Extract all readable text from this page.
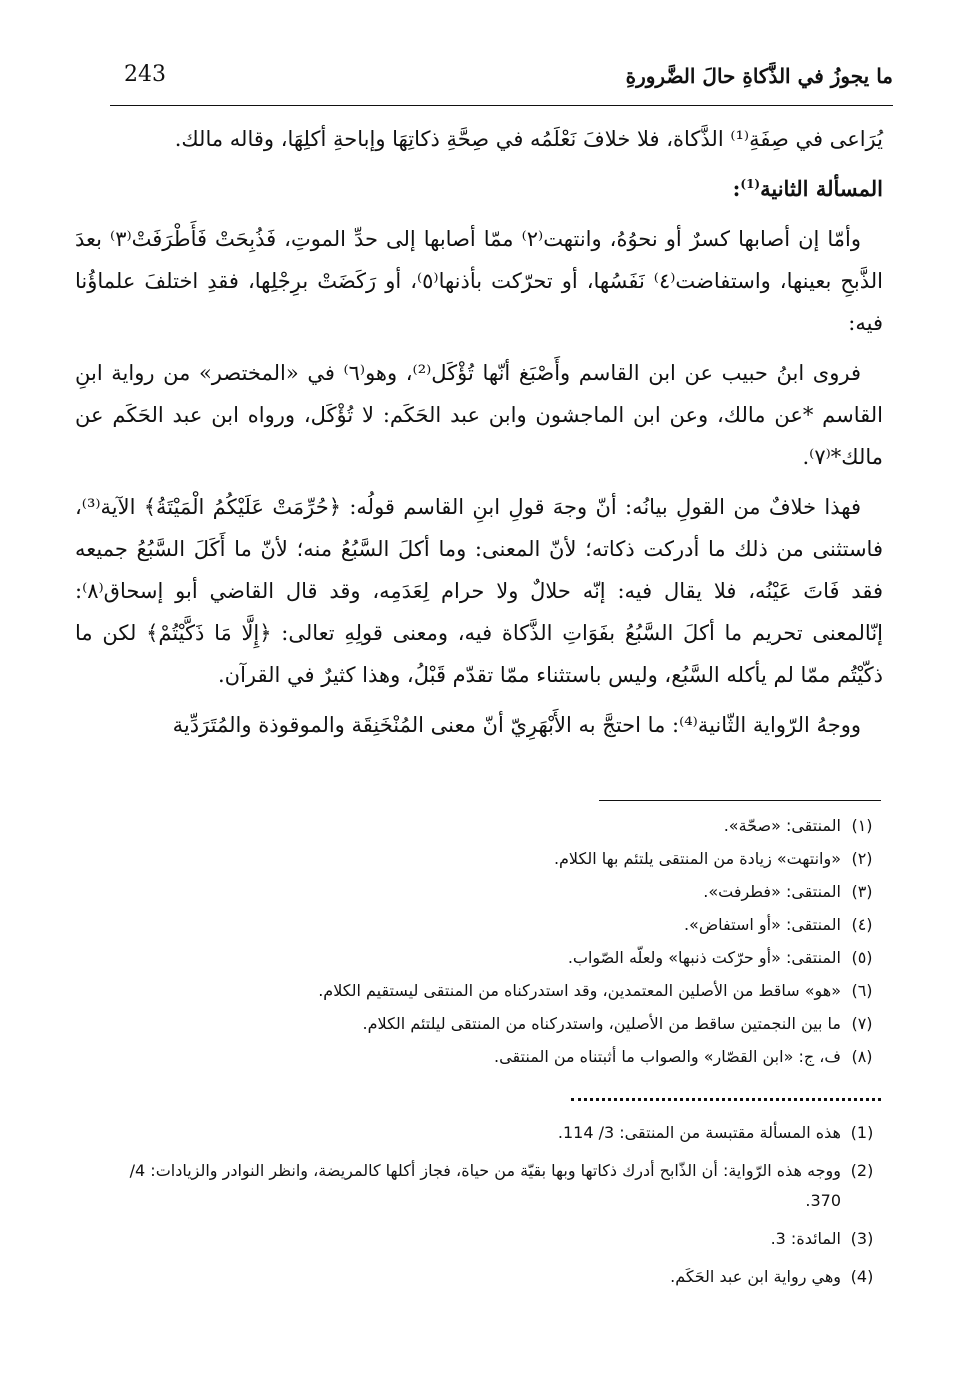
243	ما يجوزُ في الذَّكاةِ حالَ الضَّرورةِ

يُرَاعى في صِفَةِ⁽¹⁾ الذَّكاة، فلا خلافَ نَعْلَمُه في صِحَّةِ ذكاتِهَا وإباحةِ أكلِهَا، وقاله مالك.

المسألة الثانية$^{(1)}$:

وأمّا إن أصابها كسرٌ أو نحوُهُ، وانتهت⁽٢⁾ ممّا أصابها إلى حدِّ الموتِ، فَذُبِحَتْ فَأَطْرَفَتْ⁽٣⁾ بعدَ الذَّبحِ بعينها، واستفاضت⁽٤⁾ نَفَسُها، أو تحرّكت بأذنها⁽٥⁾، أو رَكَضَتْ برِجْلِها، فقدِ اختلفَ علماؤُنا فيه:

فروى ابنُ حبيب عن ابن القاسم وأَصْبَغ أنّها تُؤْكَل⁽²⁾، وهو⁽٦⁾ في «المختصر» من رواية ابنِ القاسم *عن مالك، وعن ابن الماجشون وابن عبد الحَكَم: لا تُؤْكَل، ورواه ابن عبد الحَكَم عن مالك*⁽٧⁾.

فهذا خلافٌ من القولِ بيانُه: أنّ وجهَ قولِ ابنِ القاسم قولُه: ﴿حُرِّمَتْ عَلَيْكُمُ الْمَيْتَةُ﴾ الآية⁽³⁾، فاستثنى من ذلك ما أدركت ذكاته؛ لأنّ المعنى: وما أكلَ السَّبُعُ منه؛ لأنّ ما أَكَلَ السَّبُعُ جميعه فقد فَاتَ عَيْنُه، فلا يقال فيه: إنّه حلالٌ ولا حرام لِعَدَمِه، وقد قال القاضي أبو إسحاق⁽٨⁾: إنّالمعنى تحريم ما أكلَ السَّبُعُ بفَوَاتِ الذَّكاة فيه، ومعنى قولِهِ تعالى: ﴿إِلَّا مَا ذَكَّيْتُمْ﴾ لكن ما ذكّيْتُم ممّا لم يأكله السَّبُع، وليس باستثناء ممّا تقدّم قَبْلُ، وهذا كثيرٌ في القرآن.

ووجهُ الرّواية الثّانية⁽⁴⁾: ما احتجَّ به الأَبْهَرِيّ أنّ معنى المُنْخَنِقَة والموقوذة والمُتَرَدِّية

(١)
المنتقى: «صحّة».
(٢)
«وانتهت» زيادة من المنتقى يلتئم بها الكلام.
(٣)
المنتقى: «فطرفت».
(٤)
المنتقى: «أو استفاض».
(٥)
المنتقى: «أو حرّكت ذنبها» ولعلّه الصّواب.
(٦)
«هو» ساقط من الأصلين المعتمدين، وقد استدركناه من المنتقى ليستقيم الكلام.
(٧)
ما بين النجمتين ساقط من الأصلين، واستدركناه من المنتقى ليلتئم الكلام.
(٨)
ف، ج: «ابن القصّار» والصواب ما أثبتناه من المنتقى.
(1)
هذه المسألة مقتبسة من المنتقى: 3/ 114.
(2)
ووجه هذه الرّواية: أن الذّابح أدرك ذكاتها وبها بقيّة من حياة، فجاز أكلها كالمريضة، وانظر النوادر والزيادات: 4/ 370.
(3)
المائدة: 3.
(4)
وهي رواية ابن عبد الحَكَم.
